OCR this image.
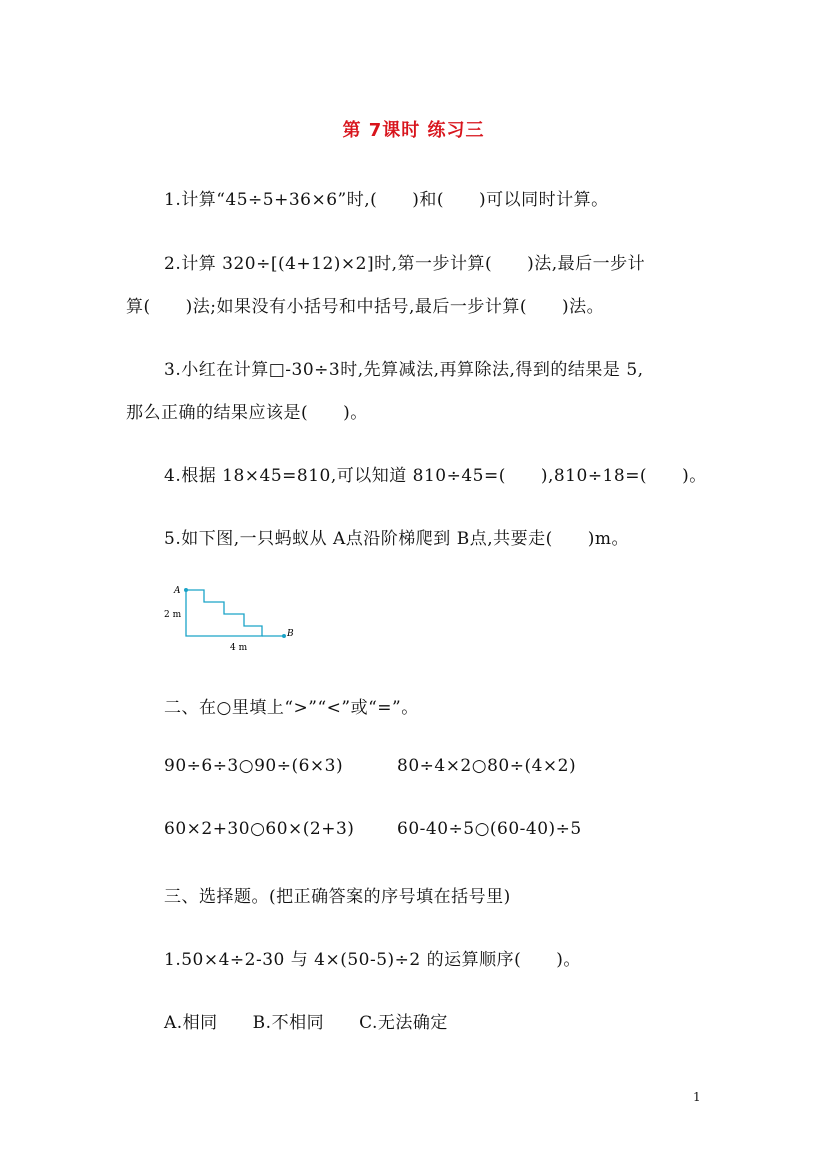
第 7课时 练习三
1.计算“45÷5+36×6”时,(　　)和(　　)可以同时计算。
2.计算 320÷[(4+12)×2]时,第一步计算(　　)法,最后一步计
算(　　)法;如果没有小括号和中括号,最后一步计算(　　)法。
3.小红在计算□-30÷3时,先算减法,再算除法,得到的结果是 5,
那么正确的结果应该是(　　)。
4.根据 18×45=810,可以知道 810÷45=(　　),810÷18=(　　)。
5.如下图,一只蚂蚁从 A点沿阶梯爬到 B点,共要走(　　)m。
A
B
2 m
4 m
二、在○里填上“>”“<”或“=”。
90÷6÷3○90÷(6×3)	80÷4×2○80÷(4×2)
60×2+30○60×(2+3)	60-40÷5○(60-40)÷5
三、选择题。(把正确答案的序号填在括号里)
1.50×4÷2-30 与 4×(50-5)÷2 的运算顺序(　　)。
A.相同　　B.不相同　　C.无法确定
1
